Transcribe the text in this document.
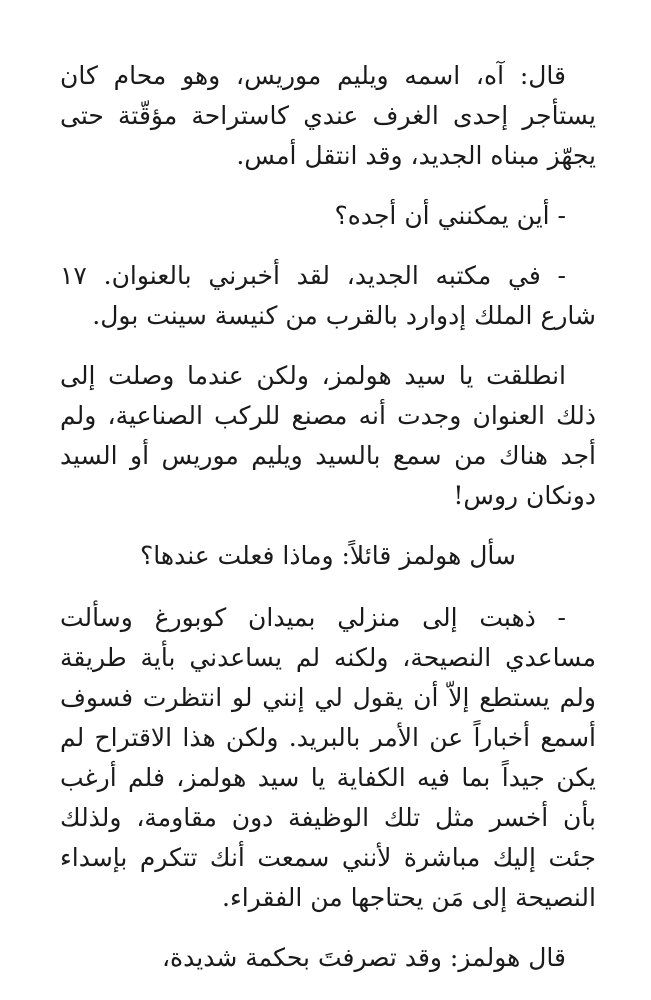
قال: آه، اسمه ويليم موريس، وهو محام كان يستأجر إحدى الغرف عندي كاستراحة مؤقّتة حتى يجهّز مبناه الجديد، وقد انتقل أمس.

- أين يمكنني أن أجده؟

- في مكتبه الجديد، لقد أخبرني بالعنوان. ١٧ شارع الملك إدوارد بالقرب من كنيسة سينت بول.

انطلقت يا سيد هولمز، ولكن عندما وصلت إلى ذلك العنوان وجدت أنه مصنع للركب الصناعية، ولم أجد هناك من سمع بالسيد ويليم موريس أو السيد دونكان روس!

سأل هولمز قائلاً: وماذا فعلت عندها؟

- ذهبت إلى منزلي بميدان كوبورغ وسألت مساعدي النصيحة، ولكنه لم يساعدني بأية طريقة ولم يستطع إلاّ أن يقول لي إنني لو انتظرت فسوف أسمع أخباراً عن الأمر بالبريد. ولكن هذا الاقتراح لم يكن جيداً بما فيه الكفاية يا سيد هولمز، فلم أرغب بأن أخسر مثل تلك الوظيفة دون مقاومة، ولذلك جئت إليك مباشرة لأنني سمعت أنك تتكرم بإسداء النصيحة إلى مَن يحتاجها من الفقراء.

قال هولمز: وقد تصرفتَ بحكمة شديدة،
